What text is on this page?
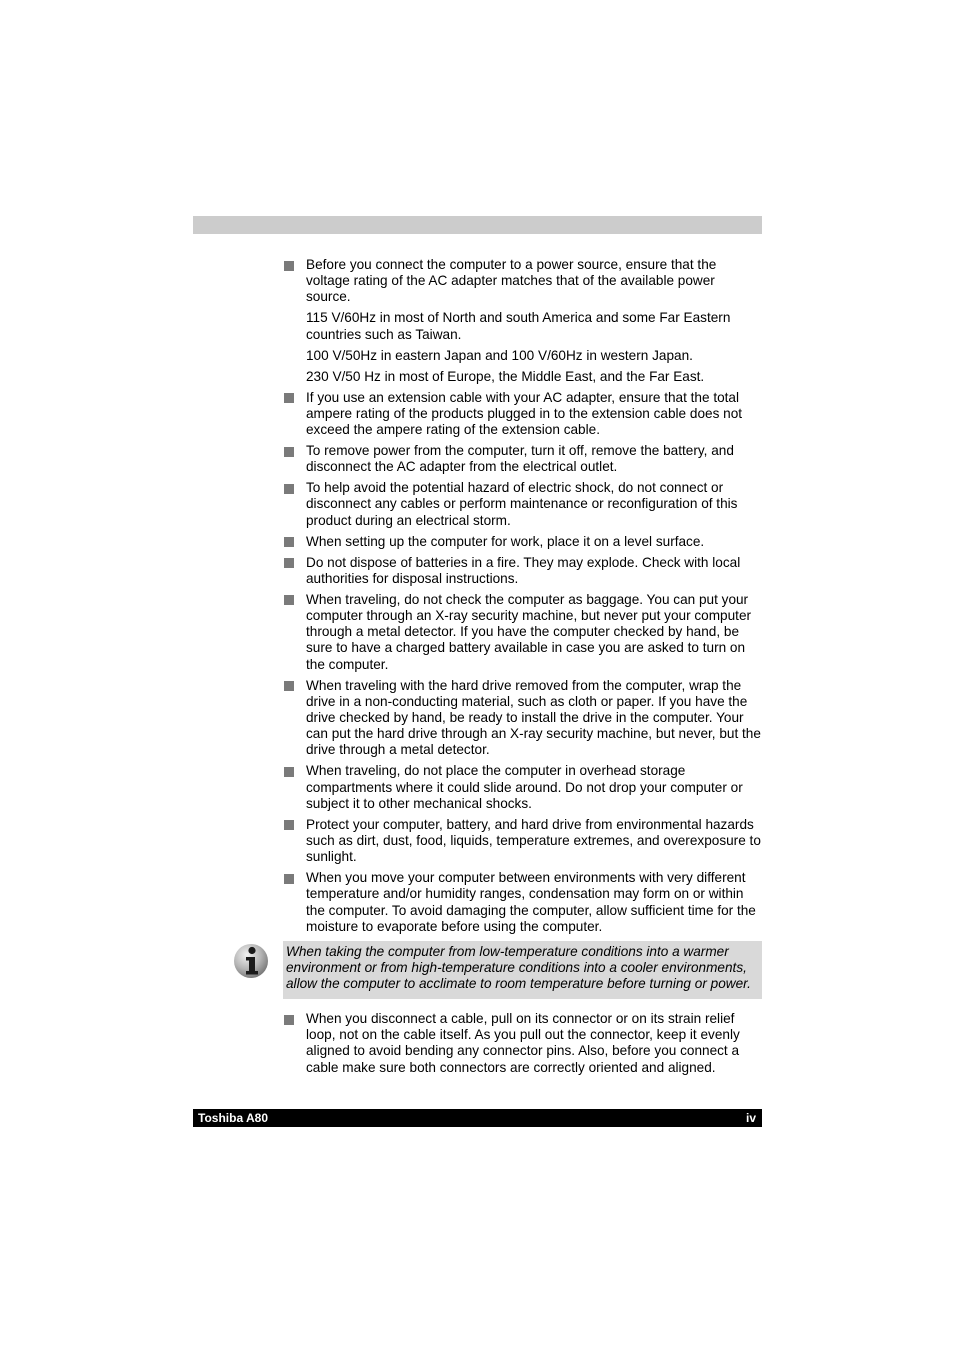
Before you connect the computer to a power source, ensure that the voltage rating of the AC adapter matches that of the available power source.
115 V/60Hz in most of North and south America and some Far Eastern countries such as Taiwan.
100 V/50Hz in eastern Japan and 100 V/60Hz in western Japan.
230 V/50 Hz in most of Europe, the Middle East, and the Far East.
If you use an extension cable with your AC adapter, ensure that the total ampere rating of the products plugged in to the extension cable does not exceed the ampere rating of the extension cable.
To remove power from the computer, turn it off, remove the battery, and disconnect the AC adapter from the electrical outlet.
To help avoid the potential hazard of electric shock, do not connect or disconnect any cables or perform maintenance or reconfiguration of this product during an electrical storm.
When setting up the computer for work, place it on a level surface.
Do not dispose of batteries in a fire. They may explode. Check with local authorities for disposal instructions.
When traveling, do not check the computer as baggage. You can put your computer through an X-ray security machine, but never put your computer through a metal detector. If you have the computer checked by hand, be sure to have a charged battery available in case you are asked to turn on the computer.
When traveling with the hard drive removed from the computer, wrap the drive in a non-conducting material, such as cloth or paper. If you have the drive checked by hand, be ready to install the drive in the computer. Your can put the hard drive through an X-ray security machine, but never, but the drive through a metal detector.
When traveling, do not place the computer in overhead storage compartments where it could slide around. Do not drop your computer or subject it to other mechanical shocks.
Protect your computer, battery, and hard drive from environmental hazards such as dirt, dust, food, liquids, temperature extremes, and overexposure to sunlight.
When you move your computer between environments with very different temperature and/or humidity ranges, condensation may form on or within the computer. To avoid damaging the computer, allow sufficient time for the moisture to evaporate before using the computer.
When taking the computer from low-temperature conditions into a warmer environment or from high-temperature conditions into a cooler environments, allow the computer to acclimate to room temperature before turning or power.
When you disconnect a cable, pull on its connector or on its strain relief loop, not on the cable itself. As you pull out the connector, keep it evenly aligned to avoid bending any connector pins. Also, before you connect a cable make sure both connectors are correctly oriented and aligned.
Toshiba A80	iv
